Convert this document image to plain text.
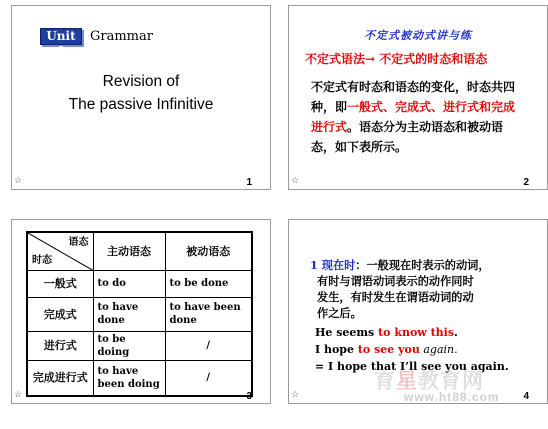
Unit 1
Grammar
Revision of
The passive Infinitive
☆	1
不定式被动式讲与练
不定式语法→ 不定式的时态和语态
不定式有时态和语态的变化，时态共四种，即一般式、完成式、进行式和完成进行式。语态分为主动语态和被动语态，如下表所示。
☆	2
语态
时态	主动语态	被动语态
一般式	to do	to be done
完成式	to have done	to have been done
进行式	to be doing	/
完成进行式	to have been doing	/
☆	3
1 现在时：一般现在时表示的动词，
有时与谓语动词表示的动作同时
发生，有时发生在谓语动词的动
作之后。
He seems to know this.
I hope to see you again.
= I hope that I’ll see you again.
育星教育网
www.ht88.com
☆	4
